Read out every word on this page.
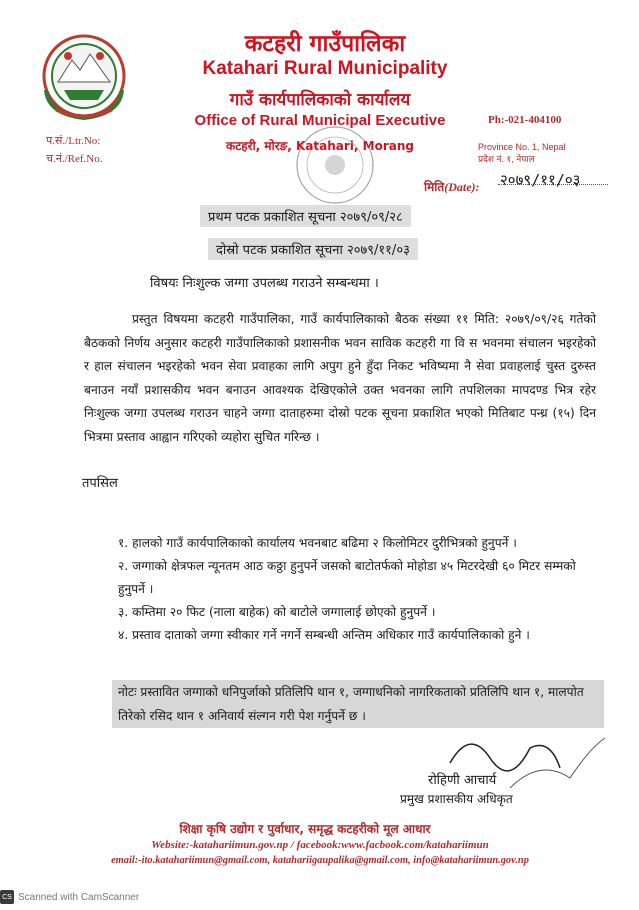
कटहरी गाउँपालिका
Katahari Rural Municipality
गाउँ कार्यपालिकाको कार्यालय
Office of Rural Municipal Executive
कटहरी, मोरङ, Katahari, Morang
प.सं./Ltr.No:
च.नं./Ref.No.
Ph:-021-404100
Province No. 1, Nepal
प्रदेश नं. १, नेपाल
मिति(Date): २०७९/११/०३
प्रथम पटक प्रकाशित सूचना २०७९/०९/२८
दोस्रो पटक प्रकाशित सूचना २०७९/११/०३
विषयः निःशुल्क जग्गा उपलब्ध गराउने सम्बन्धमा ।

प्रस्तुत विषयमा कटहरी गाउँपालिका, गाउँ कार्यपालिकाको बैठक संख्या ११ मिति: २०७९/०९/२६ गतेको बैठकको निर्णय अनुसार कटहरी गाउँपालिकाको प्रशासनीक भवन साविक कटहरी गा वि स भवनमा संचालन भइरहेको र हाल संचालन भइरहेको भवन सेवा प्रवाहका लागि अपुग हुने हुँदा निकट भविष्यमा नै सेवा प्रवाहलाई चुस्त दुरुस्त बनाउन नयाँ प्रशासकीय भवन बनाउन आवश्यक देखिएकोले उक्त भवनका लागि तपशिलका मापदण्ड भित्र रहेर निःशुल्क जग्गा उपलब्ध गराउन चाहने जग्गा दाताहरुमा दोस्रो पटक सूचना प्रकाशित भएको मितिबाट पन्ध्र (१५) दिन भित्रमा प्रस्ताव आह्वान गरिएको व्यहोरा सुचित गरिन्छ ।

तपसिल
१. हालको गाउँ कार्यपालिकाको कार्यालय भवनबाट बढिमा २ किलोमिटर दुरीभित्रको हुनुपर्ने ।
२. जग्गाको क्षेत्रफल न्यूनतम आठ कठ्ठा हुनुपर्ने जसको बाटोतर्फको मोहोडा ४५ मिटरदेखी ६० मिटर सम्मको हुनुपर्ने ।
३. कम्तिमा २० फिट (नाला बाहेक) को बाटोले जग्गालाई छोएको हुनुपर्ने ।
४. प्रस्ताव दाताको जग्गा स्वीकार गर्ने नगर्ने सम्बन्धी अन्तिम अधिकार गाउँ कार्यपालिकाको हुने ।
नोटः प्रस्तावित जग्गाको धनिपुर्जाको प्रतिलिपि थान १, जग्गाधनिको नागरिकताको प्रतिलिपि थान १, मालपोत तिरेको रसिद थान १ अनिवार्य संल्गन गरी पेश गर्नुपर्ने छ ।
रोहिणी आचार्य
प्रमुख प्रशासकीय अधिकृत
शिक्षा कृषि उद्योग र पुर्वाधार, समृद्ध कटहरीको मूल आधार
Website:-katahariimun.gov.np / facebook:www.facbook.com/katahariimun
email:-ito.katahariimun@gmail.com, katahariigaupalika@gmail.com, info@katahariimun.gov.np
CS Scanned with CamScanner
